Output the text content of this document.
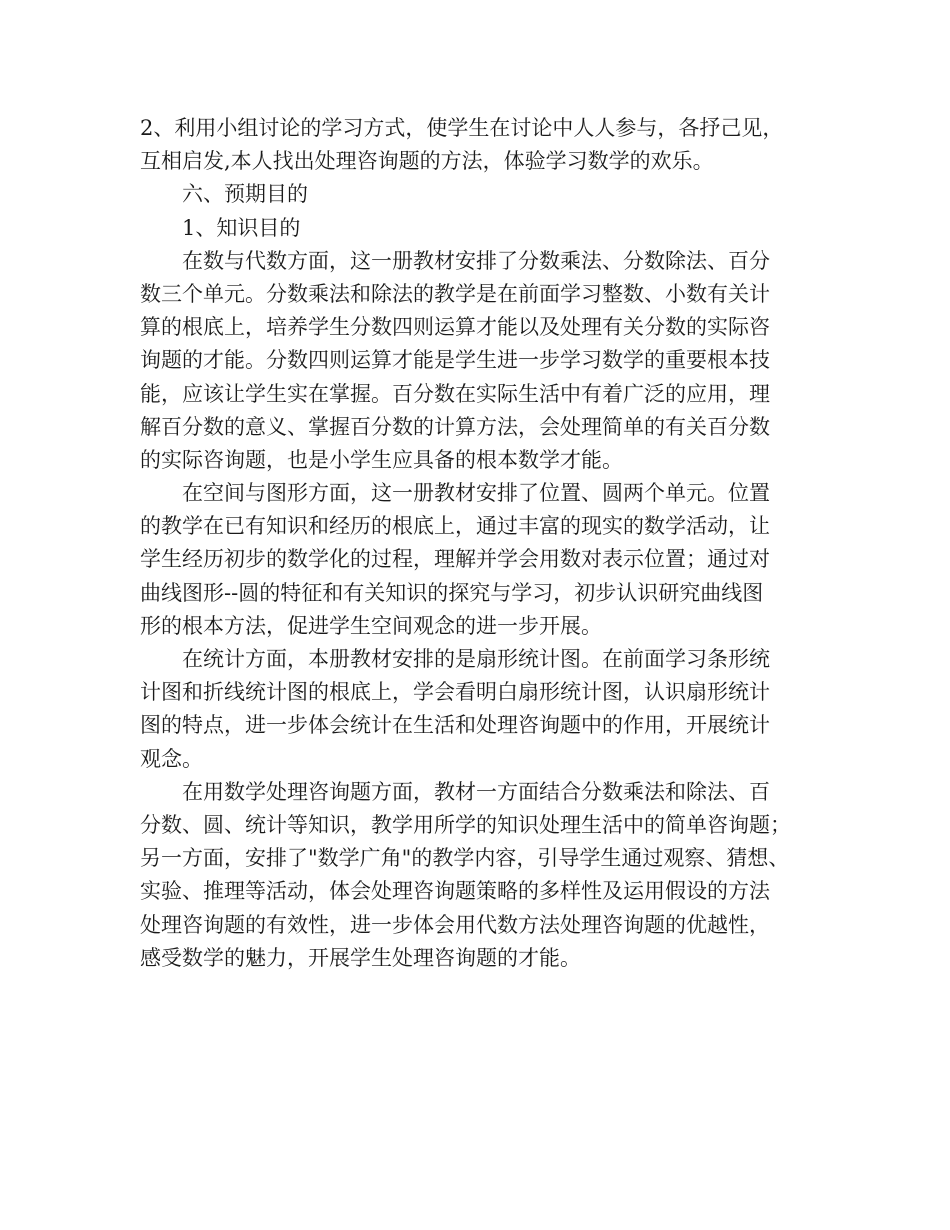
2、利用小组讨论的学习方式，使学生在讨论中人人参与，各抒己见，

互相启发,本人找出处理咨询题的方法，体验学习数学的欢乐。

六、预期目的

1、知识目的

在数与代数方面，这一册教材安排了分数乘法、分数除法、百分

数三个单元。分数乘法和除法的教学是在前面学习整数、小数有关计

算的根底上，培养学生分数四则运算才能以及处理有关分数的实际咨

询题的才能。分数四则运算才能是学生进一步学习数学的重要根本技

能，应该让学生实在掌握。百分数在实际生活中有着广泛的应用，理

解百分数的意义、掌握百分数的计算方法，会处理简单的有关百分数

的实际咨询题，也是小学生应具备的根本数学才能。

在空间与图形方面，这一册教材安排了位置、圆两个单元。位置

的教学在已有知识和经历的根底上，通过丰富的现实的数学活动，让

学生经历初步的数学化的过程，理解并学会用数对表示位置；通过对

曲线图形--圆的特征和有关知识的探究与学习，初步认识研究曲线图

形的根本方法，促进学生空间观念的进一步开展。

在统计方面，本册教材安排的是扇形统计图。在前面学习条形统

计图和折线统计图的根底上，学会看明白扇形统计图，认识扇形统计

图的特点，进一步体会统计在生活和处理咨询题中的作用，开展统计

观念。

在用数学处理咨询题方面，教材一方面结合分数乘法和除法、百

分数、圆、统计等知识，教学用所学的知识处理生活中的简单咨询题；

另一方面，安排了"数学广角"的教学内容，引导学生通过观察、猜想、

实验、推理等活动，体会处理咨询题策略的多样性及运用假设的方法

处理咨询题的有效性，进一步体会用代数方法处理咨询题的优越性，

感受数学的魅力，开展学生处理咨询题的才能。
